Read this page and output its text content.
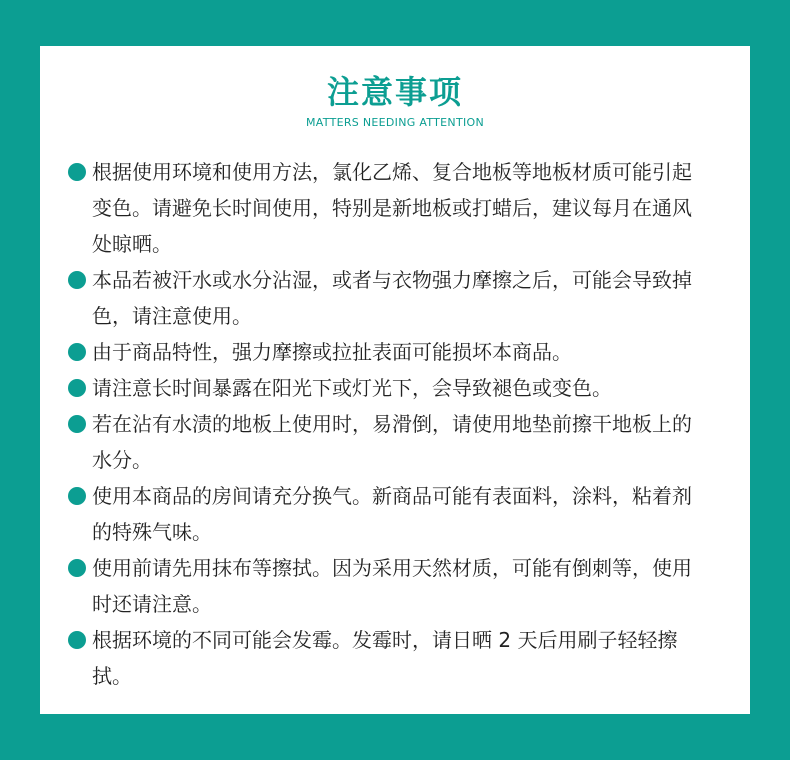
注意事项
MATTERS NEEDING ATTENTION
根据使用环境和使用方法，氯化乙烯、复合地板等地板材质可能引起变色。请避免长时间使用，特别是新地板或打蜡后，建议每月在通风处晾晒。
本品若被汗水或水分沾湿，或者与衣物强力摩擦之后，可能会导致掉色，请注意使用。
由于商品特性，强力摩擦或拉扯表面可能损坏本商品。
请注意长时间暴露在阳光下或灯光下，会导致褪色或变色。
若在沾有水渍的地板上使用时，易滑倒，请使用地垫前擦干地板上的水分。
使用本商品的房间请充分换气。新商品可能有表面料，涂料，粘着剂的特殊气味。
使用前请先用抹布等擦拭。因为采用天然材质，可能有倒刺等，使用时还请注意。
根据环境的不同可能会发霉。发霉时，请日晒 2 天后用刷子轻轻擦拭。
